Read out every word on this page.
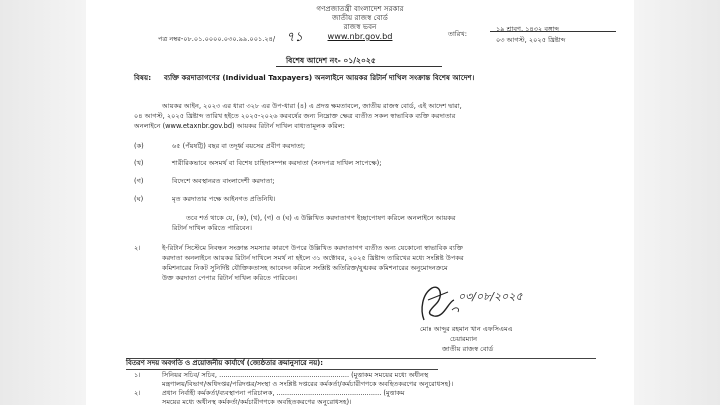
গণপ্রজাতন্ত্রী বাংলাদেশ সরকার
জাতীয় রাজস্ব বোর্ড
রাজস্ব ভবন
www.nbr.gov.bd
পত্র নম্বর-০৮.০১.০০০০.০৩০.৯৯.০০১.২৪/ ৭১	তারিখ:
১৯ শ্রাবণ, ১৪৩২ বঙ্গাব্দ
০৩ আগস্ট, ২০২৫ খ্রিষ্টাব্দ
বিশেষ আদেশ নং- ০১/২০২৫
বিষয়: ব্যক্তি করদাতাগণের (Individual Taxpayers) অনলাইনে আয়কর রিটার্ন দাখিল সংক্রান্ত বিশেষ আদেশ।
আয়কর আইন, ২০২৩ এর ধারা ৩২৮ এর উপ-ধারা (৪) এ প্রদত্ত ক্ষমতাবলে, জাতীয় রাজস্ব বোর্ড, এই আদেশ দ্বারা,
০৪ আগস্ট, ২০২৫ খ্রিষ্টাব্দ তারিখ হইতে ২০২৫-২০২৬ করবর্ষের জন্য নিম্নোক্ত ক্ষেত্র ব্যতীত সকল স্বাভাবিক ব্যক্তি করদাতার
অনলাইনে (www.etaxnbr.gov.bd) আয়কর রিটার্ন দাখিল বাধ্যতামূলক করিল:
(ক)	৬৫ (পঁয়ষট্টি) বছর বা তদূর্ধ্ব বয়সের প্রবীণ করদাতা;
(খ)	শারীরিকভাবে অসমর্থ বা বিশেষ চাহিদাসম্পন্ন করদাতা (সনদপত্র দাখিল সাপেক্ষে);
(গ)	বিদেশে অবস্থানরত বাংলাদেশী করদাতা;
(ঘ)	মৃত করদাতার পক্ষে আইনগত প্রতিনিধি।
তবে শর্ত থাকে যে, (ক), (খ), (গ) ও (ঘ) এ উল্লিখিত করদাতাগণ ইচ্ছাপোষণ করিলে অনলাইনে আয়কর
রিটার্ন দাখিল করিতে পারিবেন।
২।	ই-রিটার্ন সিস্টেমে নিবন্ধন সংক্রান্ত সমস্যার কারণে উপরে উল্লিখিত করদাতাগণ ব্যতীত অন্য যেকোনো স্বাভাবিক ব্যক্তি
করদাতা অনলাইনে আয়কর রিটার্ন দাখিলে সমর্থ না হইলে ৩১ অক্টোবর, ২০২৫ খ্রিষ্টাব্দ তারিখের মধ্যে সংশ্লিষ্ট উপকর
কমিশনারের নিকট সুনির্দিষ্ট যৌক্তিকতাসহ আবেদন করিলে সংশ্লিষ্ট অতিরিক্ত/যুগ্মকর কমিশনারের অনুমোদনক্রমে
উক্ত করদাতা পেপার রিটার্ন দাখিল করিতে পারিবেন।
০৩/০৮/২০২৫
মোঃ আব্দুর রহমান খান এফসিএমএ
চেয়ারম্যান
জাতীয় রাজস্ব বোর্ড
বিতরণ সদয় অবগতি ও প্রয়োজনীয় কার্যার্থে (জ্যেষ্ঠতার ক্রমানুসারে নয়):
১।	সিনিয়র সচিব/ সচিব, .............................................................. (মুত্তাকম সময়ের মধ্যে অধীনস্থ
মন্ত্রণালয়/বিভাগ/অধিদপ্তর/পরিদপ্তর/সংস্থা ও সংশ্লিষ্ট দপ্তরের কর্মকর্তা/কর্মচারীগণকে অবহিতকরণের অনুরোধসহ)।
২।	প্রধান নির্বাহী কর্মকর্তা/ব্যবস্থাপনা পরিচালক, .................................................. (মুত্তাকম
সময়ের মধ্যে অধীনস্থ কর্মকর্তা/কর্মচারীগণকে অবহিতকরণের অনুরোধসহ)।
